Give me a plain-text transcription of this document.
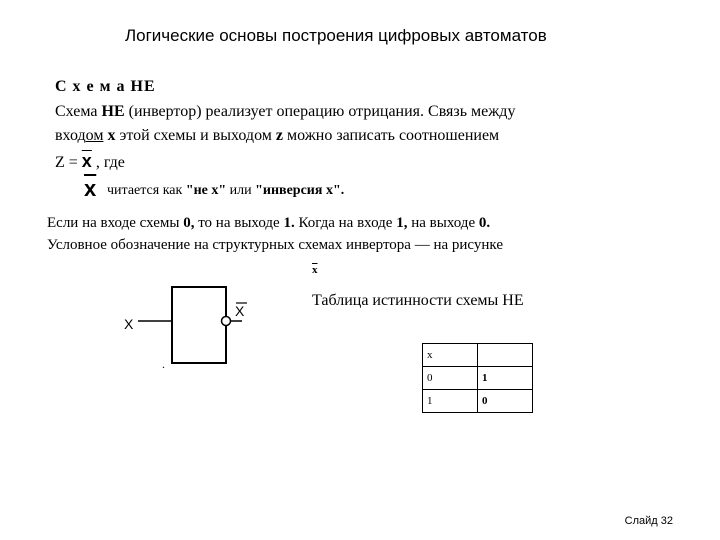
Логические основы построения цифровых автоматов
С х е м а НЕ
Схема НЕ (инвертор) реализует операцию отрицания. Связь между
входом x этой схемы и выходом z можно записать соотношением
$Z = \overline{x}$ , где
$\overline{x}$ читается как "не x" или "инверсия x".
Если на входе схемы 0, то на выходе 1. Когда на входе 1, на выходе 0.
Условное обозначение на структурных схемах инвертора — на рисунке
$\overline{x}$
X
X
.
Таблица истинности схемы НЕ
x	
0	1
1	0
Слайд 32
